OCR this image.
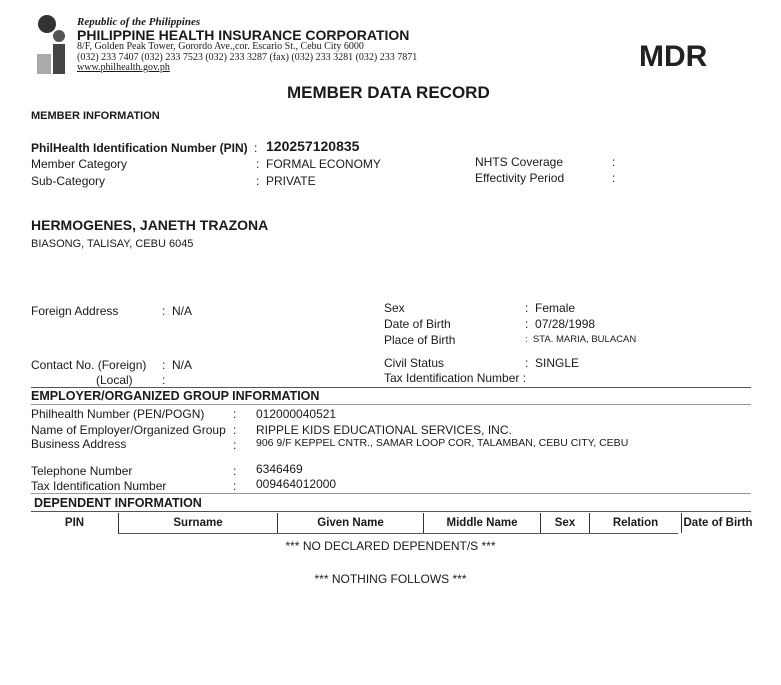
Republic of the Philippines
PHILIPPINE HEALTH INSURANCE CORPORATION
8/F, Golden Peak Tower, Gorordo Ave.,cor. Escario St., Cebu City 6000
(032) 233 7407 (032) 233 7523 (032) 233 3287 (fax) (032) 233 3281 (032) 233 7871
www.philhealth.gov.ph	MDR
MEMBER DATA RECORD
MEMBER INFORMATION
PhilHealth Identification Number (PIN) : 120257120835
Member Category	: FORMAL ECONOMY
Sub-Category	: PRIVATE
NHTS Coverage	:
Effectivity Period	:
HERMOGENES, JANETH TRAZONA
BIASONG, TALISAY, CEBU 6045
Foreign Address	: N/A
Contact No. (Foreign) : N/A
(Local) :
Sex	: Female
Date of Birth	: 07/28/1998
Place of Birth	: STA. MARIA, BULACAN
Civil Status	: SINGLE
Tax Identification Number :
EMPLOYER/ORGANIZED GROUP INFORMATION
Philhealth Number (PEN/POGN) : 012000040521
Name of Employer/Organized Group : RIPPLE KIDS EDUCATIONAL SERVICES, INC.
Business Address	: 906 9/F KEPPEL CNTR., SAMAR LOOP COR, TALAMBAN, CEBU CITY, CEBU
Telephone Number	: 6346469
Tax Identification Number	: 009464012000
DEPENDENT INFORMATION
PIN	Surname	Given Name	Middle Name	Sex	Relation	Date of Birth
*** NO DECLARED DEPENDENT/S ***
*** NOTHING FOLLOWS ***
